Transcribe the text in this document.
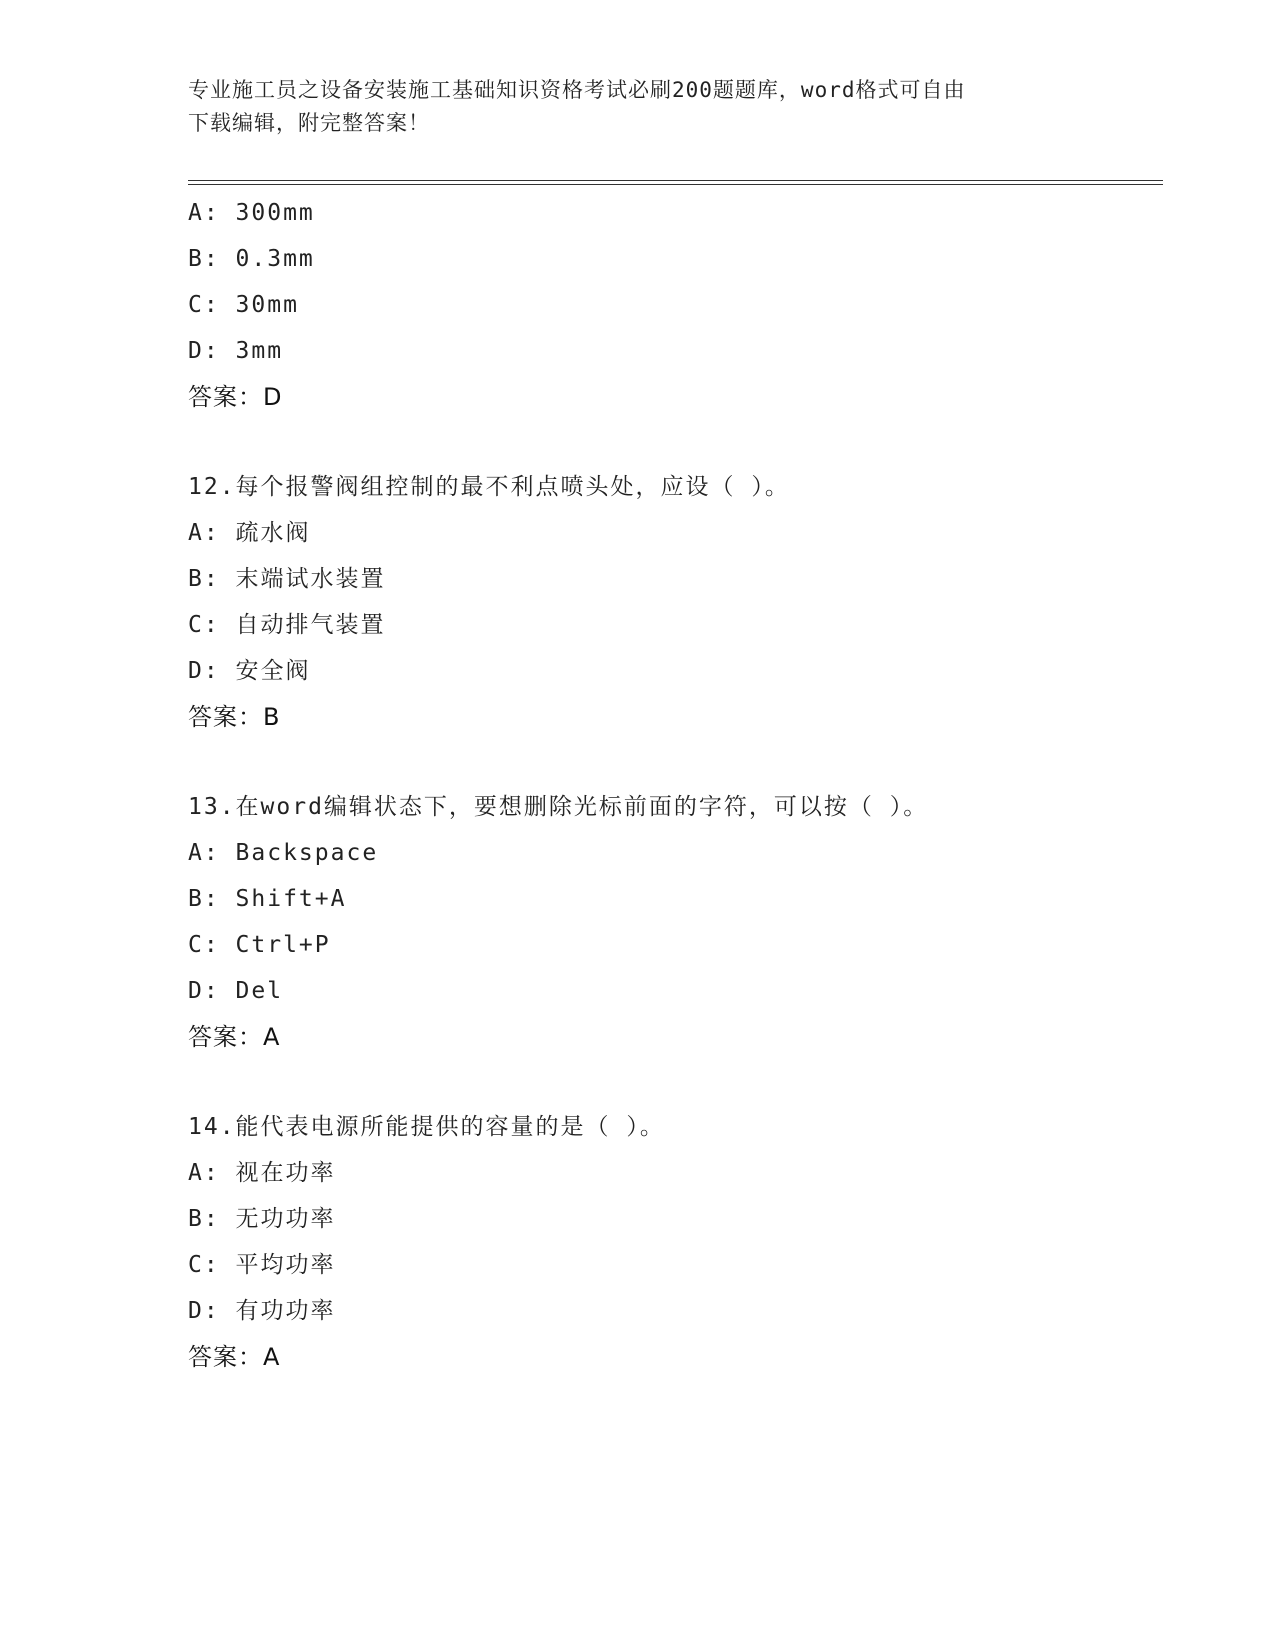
专业施工员之设备安装施工基础知识资格考试必刷200题题库，word格式可自由
下载编辑，附完整答案！
A: 300mm
B: 0.3mm
C: 30mm
D: 3mm
答案：D
12.每个报警阀组控制的最不利点喷头处，应设（ ）。
A: 疏水阀
B: 末端试水装置
C: 自动排气装置
D: 安全阀
答案：B
13.在word编辑状态下，要想删除光标前面的字符，可以按（ ）。
A: Backspace
B: Shift+A
C: Ctrl+P
D: Del
答案：A
14.能代表电源所能提供的容量的是（ ）。
A: 视在功率
B: 无功功率
C: 平均功率
D: 有功功率
答案：A
